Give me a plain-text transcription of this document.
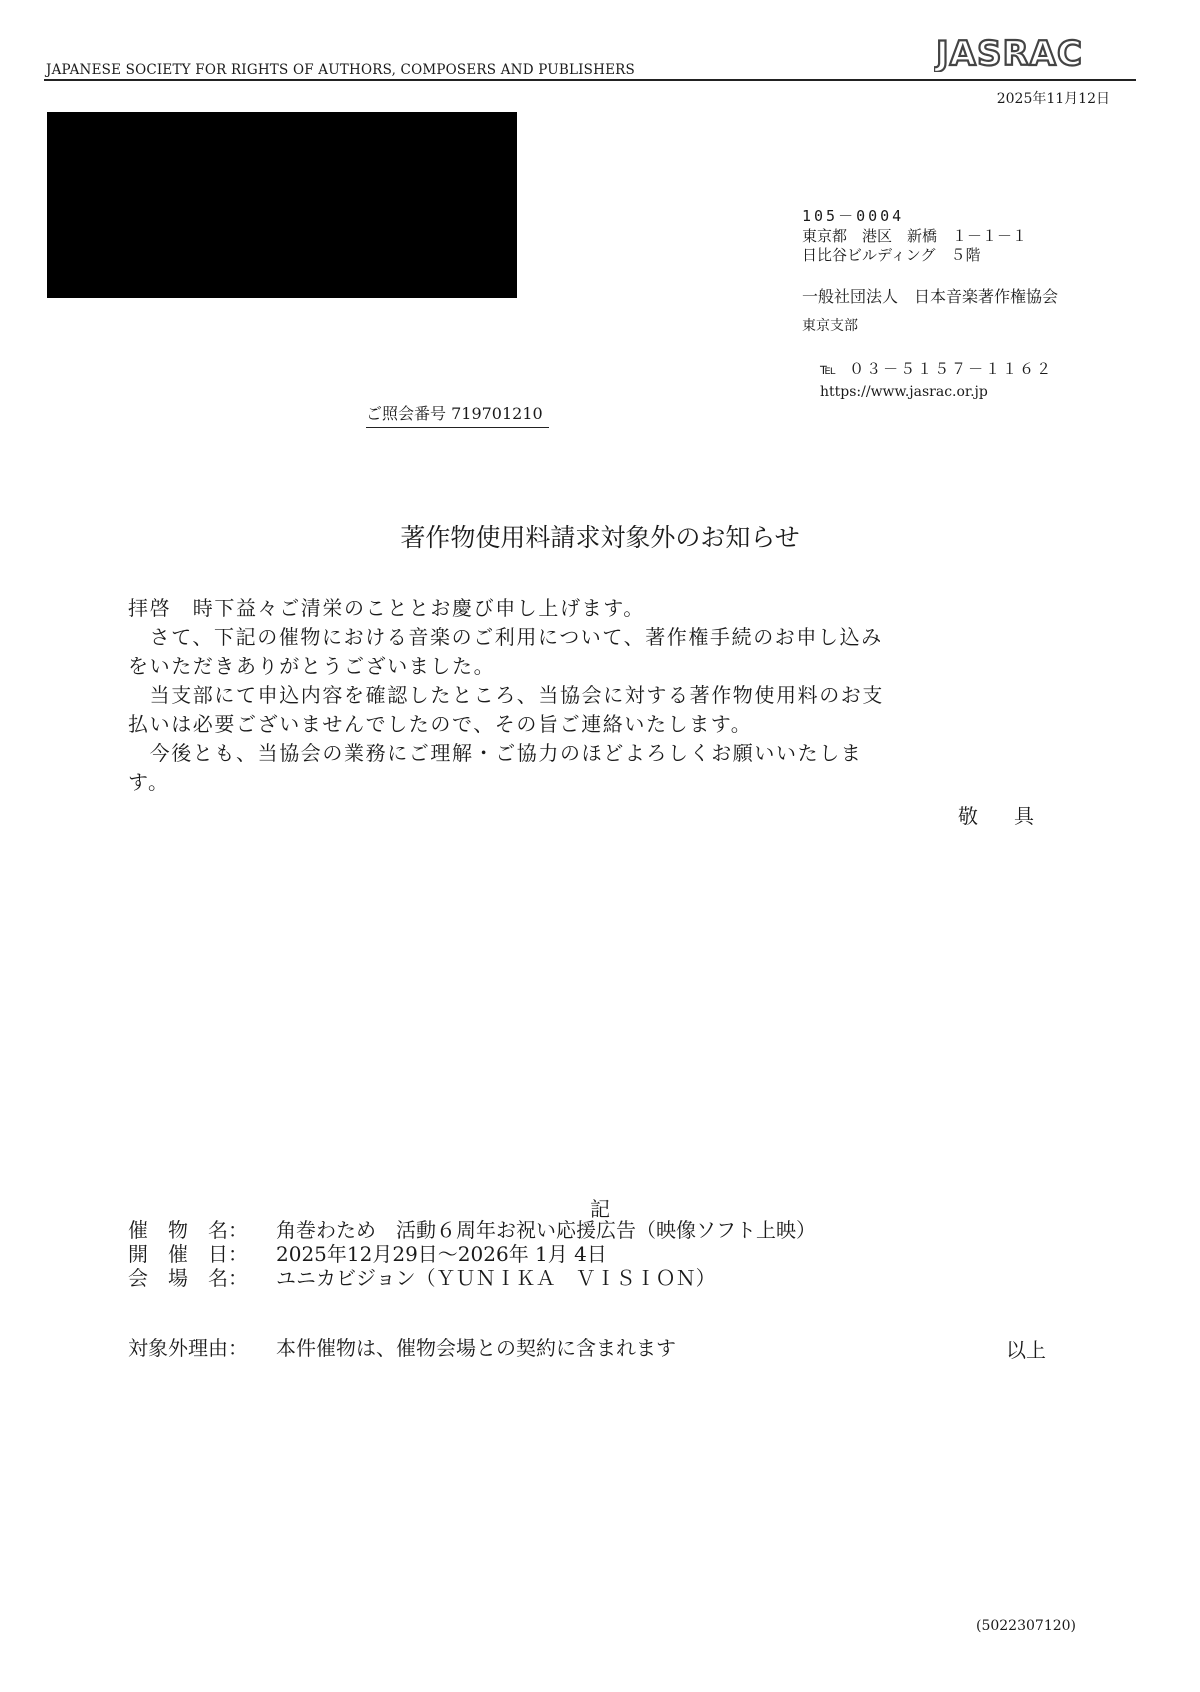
JAPANESE SOCIETY FOR RIGHTS OF AUTHORS, COMPOSERS AND PUBLISHERS	JASRAC
2025年11月12日
105－0004
東京都　港区　新橋　１－１－１
日比谷ビルディング　５階
一般社団法人　日本音楽著作権協会
東京支部
℡ ０３－５１５７－１１６２
https://www.jasrac.or.jp
ご照会番号 719701210
著作物使用料請求対象外のお知らせ

拝啓　時下益々ご清栄のこととお慶び申し上げます。

　さて、下記の催物における音楽のご利用について、著作権手続のお申し込み

をいただきありがとうございました。

　当支部にて申込内容を確認したところ、当協会に対する著作物使用料のお支

払いは必要ございませんでしたので、その旨ご連絡いたします。

　今後とも、当協会の業務にご理解・ご協力のほどよろしくお願いいたしま

す。

敬　具
記
催　物　名： 角巻わため　活動６周年お祝い応援広告（映像ソフト上映）
開　催　日： 2025年12月29日～2026年 1月 4日
会　場　名： ユニカビジョン（ＹＵＮＩＫＡ　ＶＩＳＩＯＮ）
対象外理由： 本件催物は、催物会場との契約に含まれます	以上
(5022307120)
